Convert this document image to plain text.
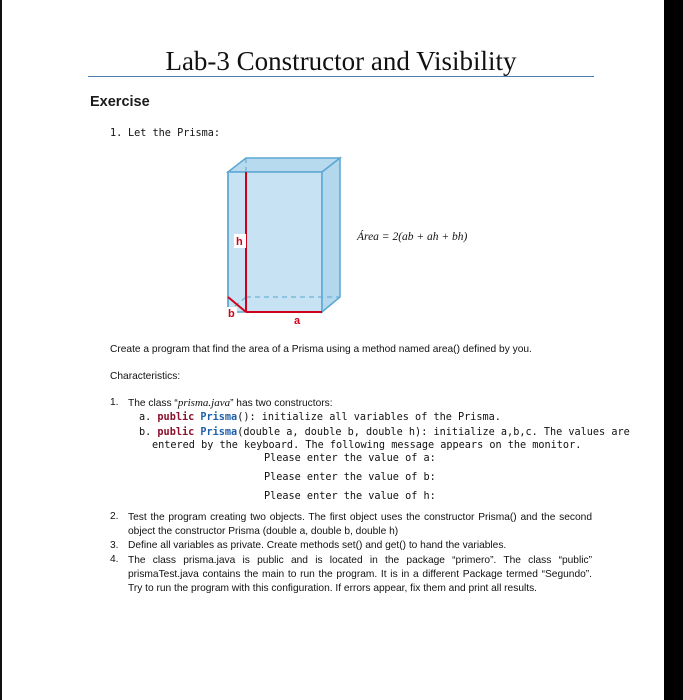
Lab-3 Constructor and Visibility
Exercise
1. Let the Prisma:
h
b
a
Área = 2(ab + ah + bh)
Create a program that find the area of a Prisma using a method named area() defined by you.
Characteristics:
1. The class “prisma.java” has two constructors:
a. public Prisma(): initialize all variables of the Prisma.
b. public Prisma(double a, double b, double h): initialize a,b,c. The values are
entered by the keyboard. The following message appears on the monitor.
Please enter the value of a:
Please enter the value of b:
Please enter the value of h:
2. Test the program creating two objects. The first object uses the constructor Prisma() and the second object the constructor Prisma (double a, double b, double h)
3. Define all variables as private. Create methods set() and get() to hand the variables.
4. The class prisma.java is public and is located in the package “primero”. The class “public” prismaTest.java contains the main to run the program. It is in a different Package termed “Segundo”. Try to run the program with this configuration. If errors appear, fix them and print all results.
